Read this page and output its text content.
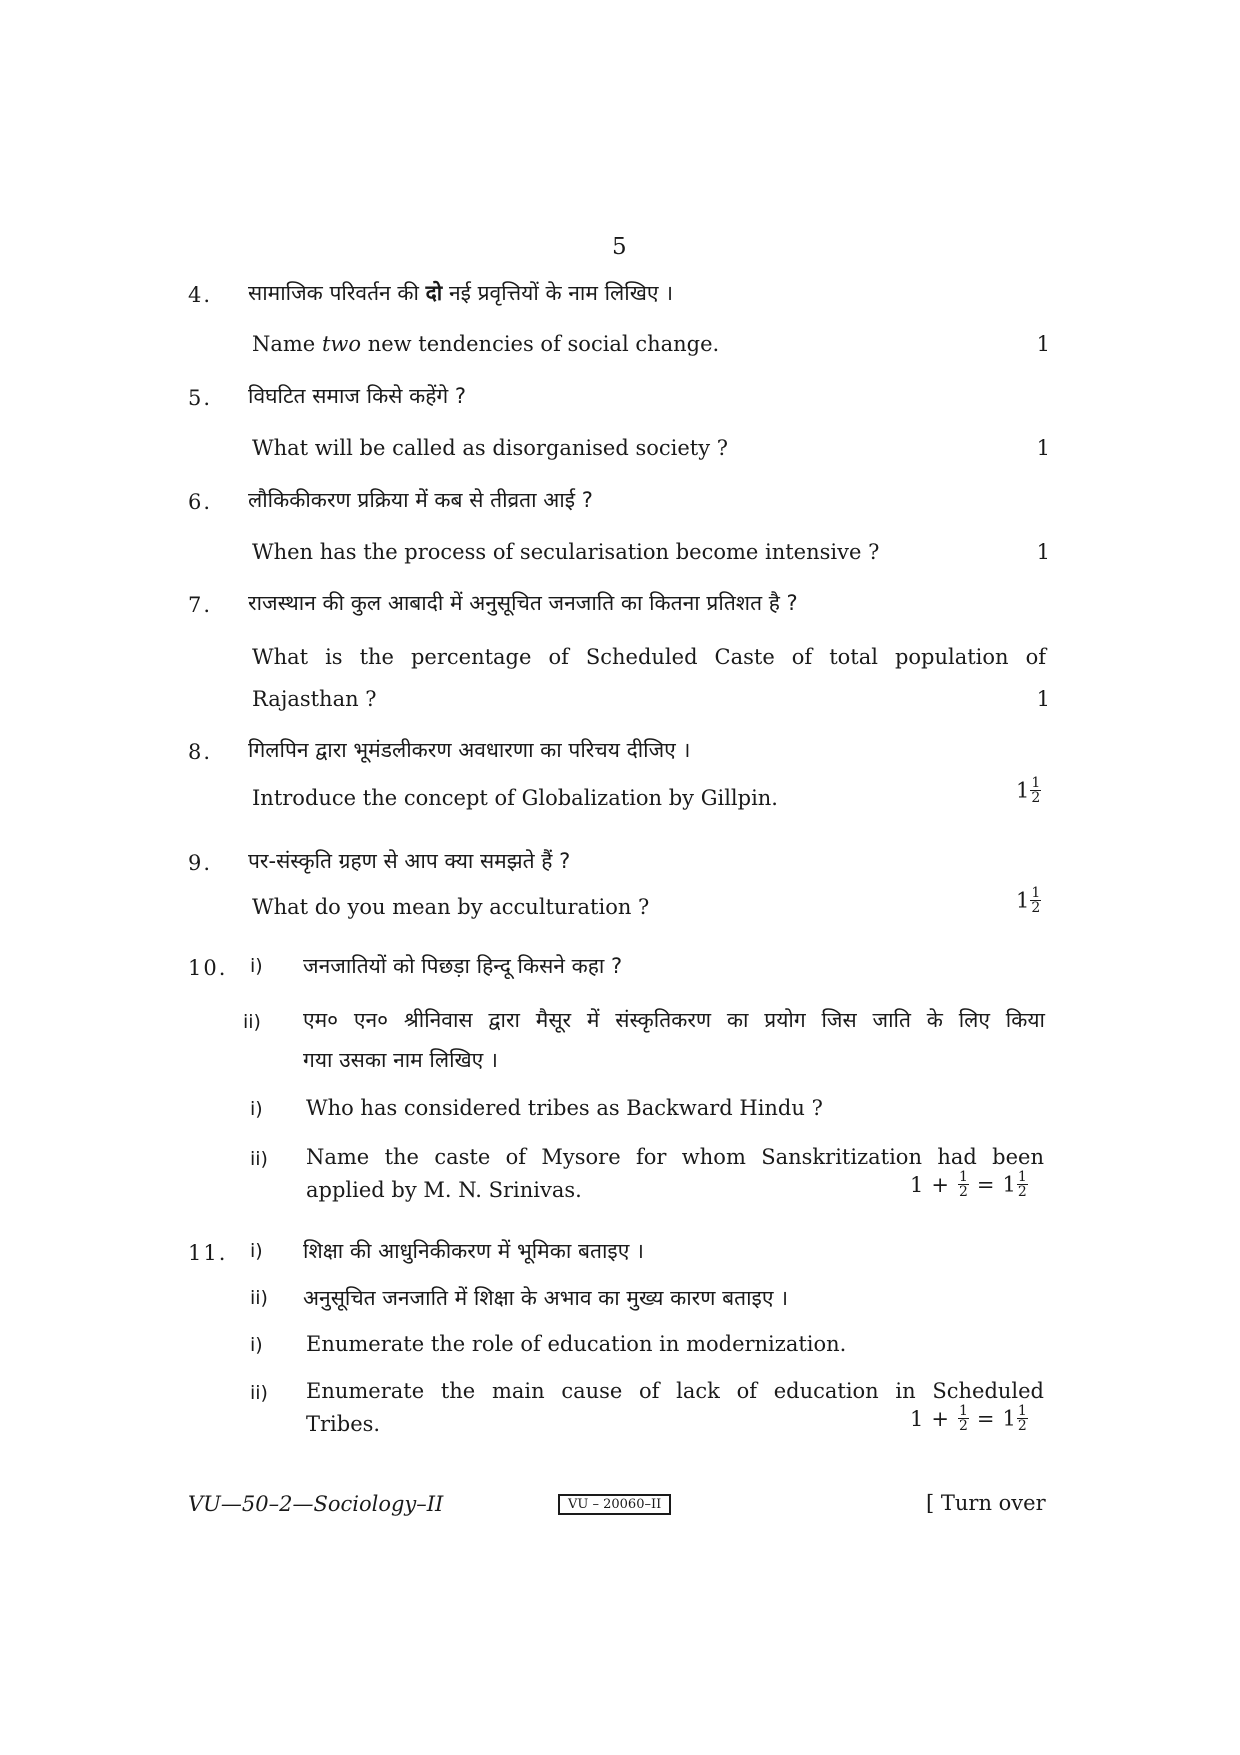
5
4. सामाजिक परिवर्तन की दो नई प्रवृत्तियों के नाम लिखिए ।
Name two new tendencies of social change.	1
5. विघटित समाज किसे कहेंगे ?
What will be called as disorganised society ?	1
6. लौकिकीकरण प्रक्रिया में कब से तीव्रता आई ?
When has the process of secularisation become intensive ?	1
7. राजस्थान की कुल आबादी में अनुसूचित जनजाति का कितना प्रतिशत है ?
What is the percentage of Scheduled Caste of total population of
Rajasthan ?	1
8. गिलपिन द्वारा भूमंडलीकरण अवधारणा का परिचय दीजिए ।
Introduce the concept of Globalization by Gillpin.	$1 \frac{1}{2}$
9. पर-संस्कृति ग्रहण से आप क्या समझते हैं ?
What do you mean by acculturation ?	$1 \frac{1}{2}$
10. i) जनजातियों को पिछड़ा हिन्दू किसने कहा ?
ii) एम० एन० श्रीनिवास द्वारा मैसूर में संस्कृतिकरण का प्रयोग जिस जाति के लिए किया
गया उसका नाम लिखिए ।
i) Who has considered tribes as Backward Hindu ?
ii) Name the caste of Mysore for whom Sanskritization had been
applied by M. N. Srinivas.	$1 + \frac{1}{2} = 1 \frac{1}{2}$
11. i) शिक्षा की आधुनिकीकरण में भूमिका बताइए ।
ii) अनुसूचित जनजाति में शिक्षा के अभाव का मुख्य कारण बताइए ।
i) Enumerate the role of education in modernization.
ii) Enumerate the main cause of lack of education in Scheduled
Tribes.	$1 + \frac{1}{2} = 1 \frac{1}{2}$
VU—50–2—Sociology–II	VU – 20060–II	[ Turn over
